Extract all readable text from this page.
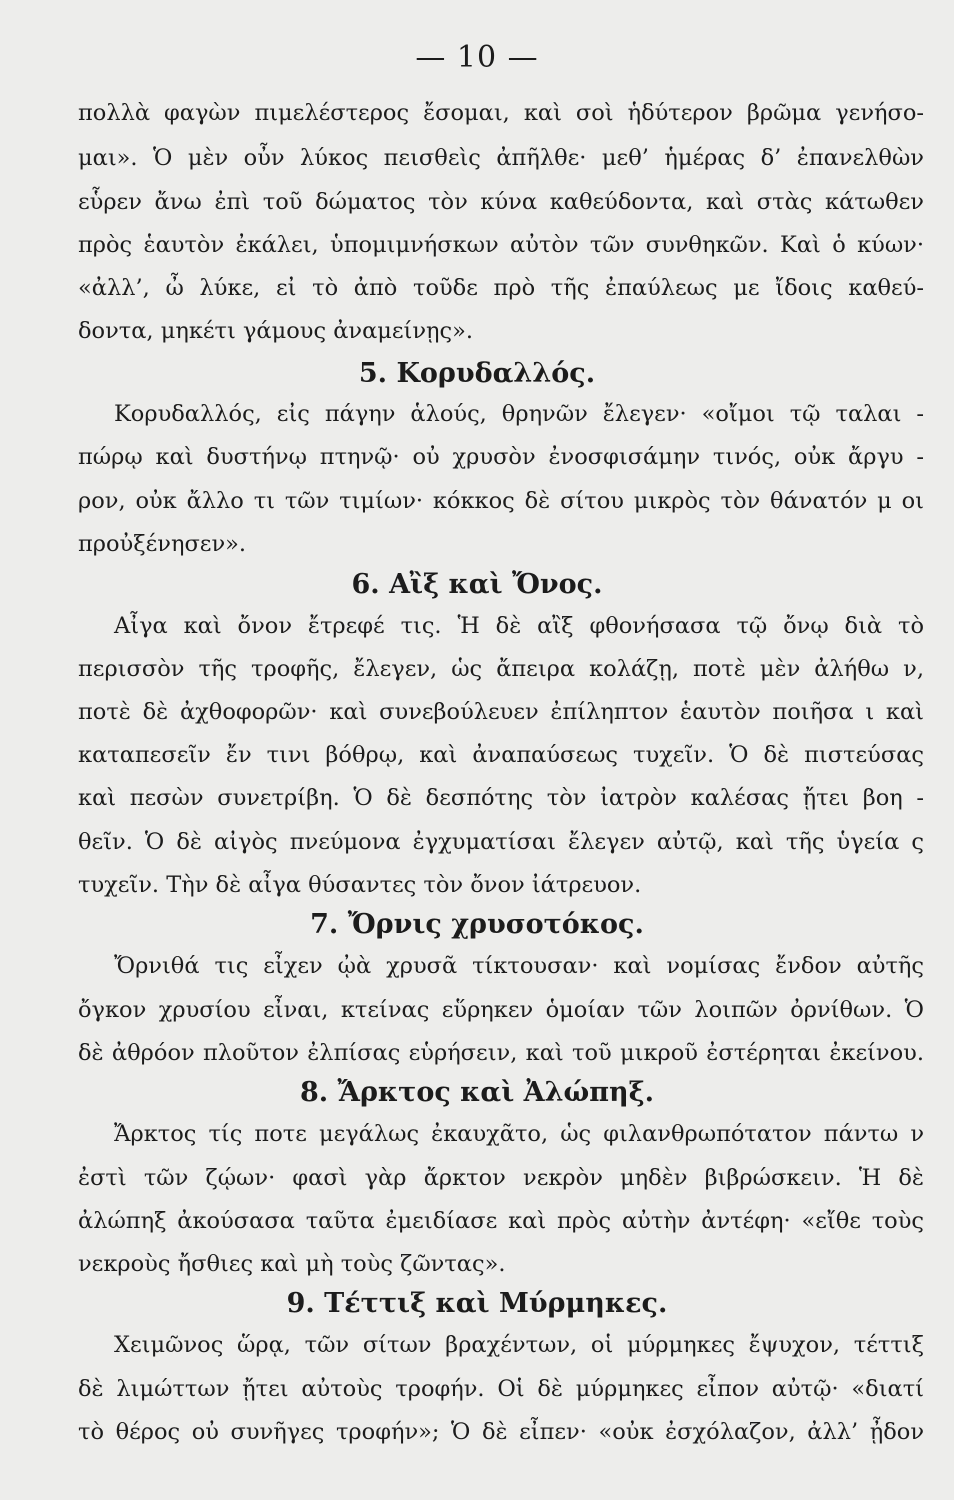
— 10 —
πολλὰ φαγὼν πιμελέστερος ἔσομαι, καὶ σοὶ ἡδύτερον βρῶμα γενήσο-
μαι». Ὁ μὲν οὖν λύκος πεισθεὶς ἀπῆλθε· μεθ’ ἡμέρας δ’ ἐπανελθὼν
εὗρεν ἄνω ἐπὶ τοῦ δώματος τὸν κύνα καθεύδοντα, καὶ στὰς κάτωθεν
πρὸς ἑαυτὸν ἐκάλει, ὑπομιμνήσκων αὐτὸν τῶν συνθηκῶν. Καὶ ὁ κύων·
«ἀλλ’, ὦ λύκε, εἰ τὸ ἀπὸ τοῦδε πρὸ τῆς ἐπαύλεως με ἴδοις καθεύ-
δοντα, μηκέτι γάμους ἀναμείνῃς».
5. Κορυδαλλός.
Κορυδαλλός, εἰς πάγην ἁλούς, θρηνῶν ἔλεγεν· «οἴμοι τῷ ταλαι -
πώρῳ καὶ δυστήνῳ πτηνῷ· οὐ χρυσὸν ἐνοσφισάμην τινός, οὐκ ἄργυ -
ρον, οὐκ ἄλλο τι τῶν τιμίων· κόκκος δὲ σίτου μικρὸς τὸν θάνατόν μ οι
προὐξένησεν».
6. Αἲξ καὶ Ὄνος.
Αἶγα καὶ ὄνον ἔτρεφέ τις. Ἡ δὲ αἲξ φθονήσασα τῷ ὄνῳ διὰ τὸ
περισσὸν τῆς τροφῆς, ἔλεγεν, ὡς ἄπειρα κολάζῃ, ποτὲ μὲν ἀλήθω ν,
ποτὲ δὲ ἀχθοφορῶν· καὶ συνεβούλευεν ἐπίληπτον ἑαυτὸν ποιῆσα ι καὶ
καταπεσεῖν ἔν τινι βόθρῳ, καὶ ἀναπαύσεως τυχεῖν. Ὁ δὲ πιστεύσας
καὶ πεσὼν συνετρίβη. Ὁ δὲ δεσπότης τὸν ἰατρὸν καλέσας ᾔτει βοη -
θεῖν. Ὁ δὲ αἰγὸς πνεύμονα ἐγχυματίσαι ἔλεγεν αὐτῷ, καὶ τῆς ὑγεία ς
τυχεῖν. Τὴν δὲ αἶγα θύσαντες τὸν ὄνον ἰάτρευον.
7. Ὄρνις χρυσοτόκος.
Ὄρνιθά τις εἶχεν ᾠὰ χρυσᾶ τίκτουσαν· καὶ νομίσας ἔνδον αὐτῆς
ὄγκον χρυσίου εἶναι, κτείνας εὕρηκεν ὁμοίαν τῶν λοιπῶν ὀρνίθων. Ὁ
δὲ ἀθρόον πλοῦτον ἐλπίσας εὑρήσειν, καὶ τοῦ μικροῦ ἐστέρηται ἐκείνου.
8. Ἄρκτος καὶ Ἀλώπηξ.
Ἄρκτος τίς ποτε μεγάλως ἐκαυχᾶτο, ὡς φιλανθρωπότατον πάντω ν
ἐστὶ τῶν ζῴων· φασὶ γὰρ ἄρκτον νεκρὸν μηδὲν βιβρώσκειν. Ἡ δὲ
ἀλώπηξ ἀκούσασα ταῦτα ἐμειδίασε καὶ πρὸς αὐτὴν ἀντέφη· «εἴθε τοὺς
νεκροὺς ἤσθιες καὶ μὴ τοὺς ζῶντας».
9. Τέττιξ καὶ Μύρμηκες.
Χειμῶνος ὥρᾳ, τῶν σίτων βραχέντων, οἱ μύρμηκες ἔψυχον, τέττιξ
δὲ λιμώττων ᾔτει αὐτοὺς τροφήν. Οἱ δὲ μύρμηκες εἶπον αὐτῷ· «διατί
τὸ θέρος οὐ συνῆγες τροφήν»; Ὁ δὲ εἶπεν· «οὐκ ἐσχόλαζον, ἀλλ’ ᾖδον
